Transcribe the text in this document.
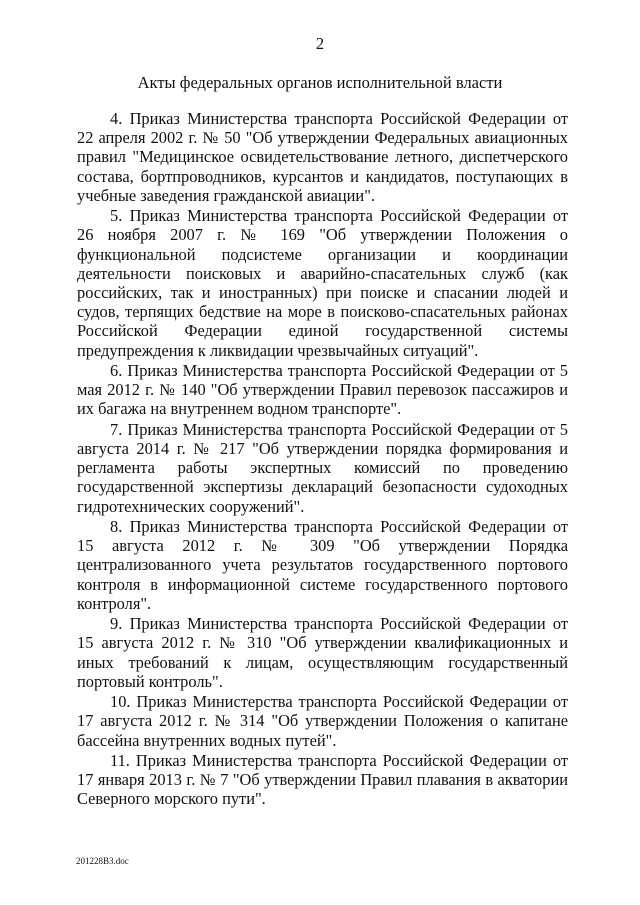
2
Акты федеральных органов исполнительной власти

4. Приказ Министерства транспорта Российской Федерации от 22 апреля 2002 г. № 50 "Об утверждении Федеральных авиационных правил "Медицинское освидетельствование летного, диспетчерского состава, бортпроводников, курсантов и кандидатов, поступающих в учебные заведения гражданской авиации".

5. Приказ Министерства транспорта Российской Федерации от 26 ноября 2007 г. № 169 "Об утверждении Положения о функциональной подсистеме организации и координации деятельности поисковых и аварийно-спасательных служб (как российских, так и иностранных) при поиске и спасании людей и судов, терпящих бедствие на море в поисково-спасательных районах Российской Федерации единой государственной системы предупреждения к ликвидации чрезвычайных ситуаций".

6. Приказ Министерства транспорта Российской Федерации от 5 мая 2012 г. № 140 "Об утверждении Правил перевозок пассажиров и их багажа на внутреннем водном транспорте".

7. Приказ Министерства транспорта Российской Федерации от 5 августа 2014 г. № 217 "Об утверждении порядка формирования и регламента работы экспертных комиссий по проведению государственной экспертизы деклараций безопасности судоходных гидротехнических сооружений".

8. Приказ Министерства транспорта Российской Федерации от 15 августа 2012 г. № 309 "Об утверждении Порядка централизованного учета результатов государственного портового контроля в информационной системе государственного портового контроля".

9. Приказ Министерства транспорта Российской Федерации от 15 августа 2012 г. № 310 "Об утверждении квалификационных и иных требований к лицам, осуществляющим государственный портовый контроль".

10. Приказ Министерства транспорта Российской Федерации от 17 августа 2012 г. № 314 "Об утверждении Положения о капитане бассейна внутренних водных путей".

11. Приказ Министерства транспорта Российской Федерации от 17 января 2013 г. № 7 "Об утверждении Правил плавания в акватории Северного морского пути".

201228В3.doc
